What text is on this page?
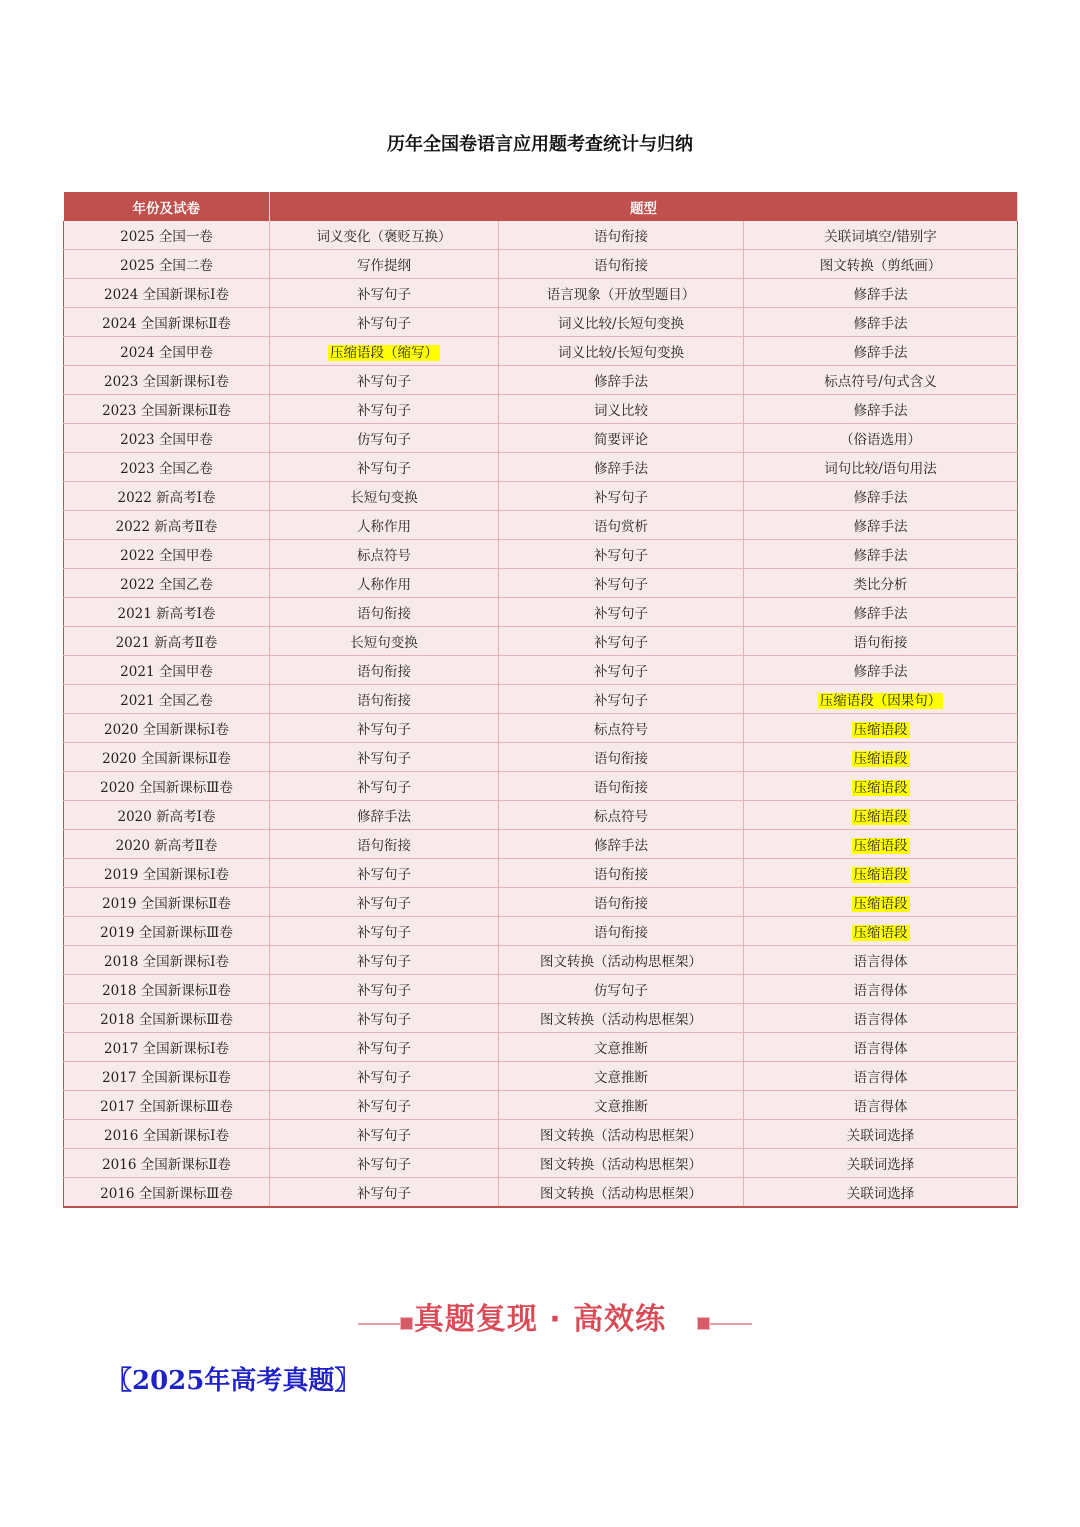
历年全国卷语言应用题考查统计与归纳
年份及试卷	题型		
2025 全国一卷	词义变化（褒贬互换）	语句衔接	关联词填空/错别字
2025 全国二卷	写作提纲	语句衔接	图文转换（剪纸画）
2024 全国新课标Ⅰ卷	补写句子	语言现象（开放型题目）	修辞手法
2024 全国新课标Ⅱ卷	补写句子	词义比较/长短句变换	修辞手法
2024 全国甲卷	压缩语段（缩写）	词义比较/长短句变换	修辞手法
2023 全国新课标Ⅰ卷	补写句子	修辞手法	标点符号/句式含义
2023 全国新课标Ⅱ卷	补写句子	词义比较	修辞手法
2023 全国甲卷	仿写句子	简要评论	（俗语选用）
2023 全国乙卷	补写句子	修辞手法	词句比较/语句用法
2022 新高考Ⅰ卷	长短句变换	补写句子	修辞手法
2022 新高考Ⅱ卷	人称作用	语句赏析	修辞手法
2022 全国甲卷	标点符号	补写句子	修辞手法
2022 全国乙卷	人称作用	补写句子	类比分析
2021 新高考Ⅰ卷	语句衔接	补写句子	修辞手法
2021 新高考Ⅱ卷	长短句变换	补写句子	语句衔接
2021 全国甲卷	语句衔接	补写句子	修辞手法
2021 全国乙卷	语句衔接	补写句子	压缩语段（因果句）
2020 全国新课标Ⅰ卷	补写句子	标点符号	压缩语段
2020 全国新课标Ⅱ卷	补写句子	语句衔接	压缩语段
2020 全国新课标Ⅲ卷	补写句子	语句衔接	压缩语段
2020 新高考Ⅰ卷	修辞手法	标点符号	压缩语段
2020 新高考Ⅱ卷	语句衔接	修辞手法	压缩语段
2019 全国新课标Ⅰ卷	补写句子	语句衔接	压缩语段
2019 全国新课标Ⅱ卷	补写句子	语句衔接	压缩语段
2019 全国新课标Ⅲ卷	补写句子	语句衔接	压缩语段
2018 全国新课标Ⅰ卷	补写句子	图文转换（活动构思框架）	语言得体
2018 全国新课标Ⅱ卷	补写句子	仿写句子	语言得体
2018 全国新课标Ⅲ卷	补写句子	图文转换（活动构思框架）	语言得体
2017 全国新课标Ⅰ卷	补写句子	文意推断	语言得体
2017 全国新课标Ⅱ卷	补写句子	文意推断	语言得体
2017 全国新课标Ⅲ卷	补写句子	文意推断	语言得体
2016 全国新课标Ⅰ卷	补写句子	图文转换（活动构思框架）	关联词选择
2016 全国新课标Ⅱ卷	补写句子	图文转换（活动构思框架）	关联词选择
2016 全国新课标Ⅲ卷	补写句子	图文转换（活动构思框架）	关联词选择
真题复现 · 高效练
〖2025年高考真题〗
